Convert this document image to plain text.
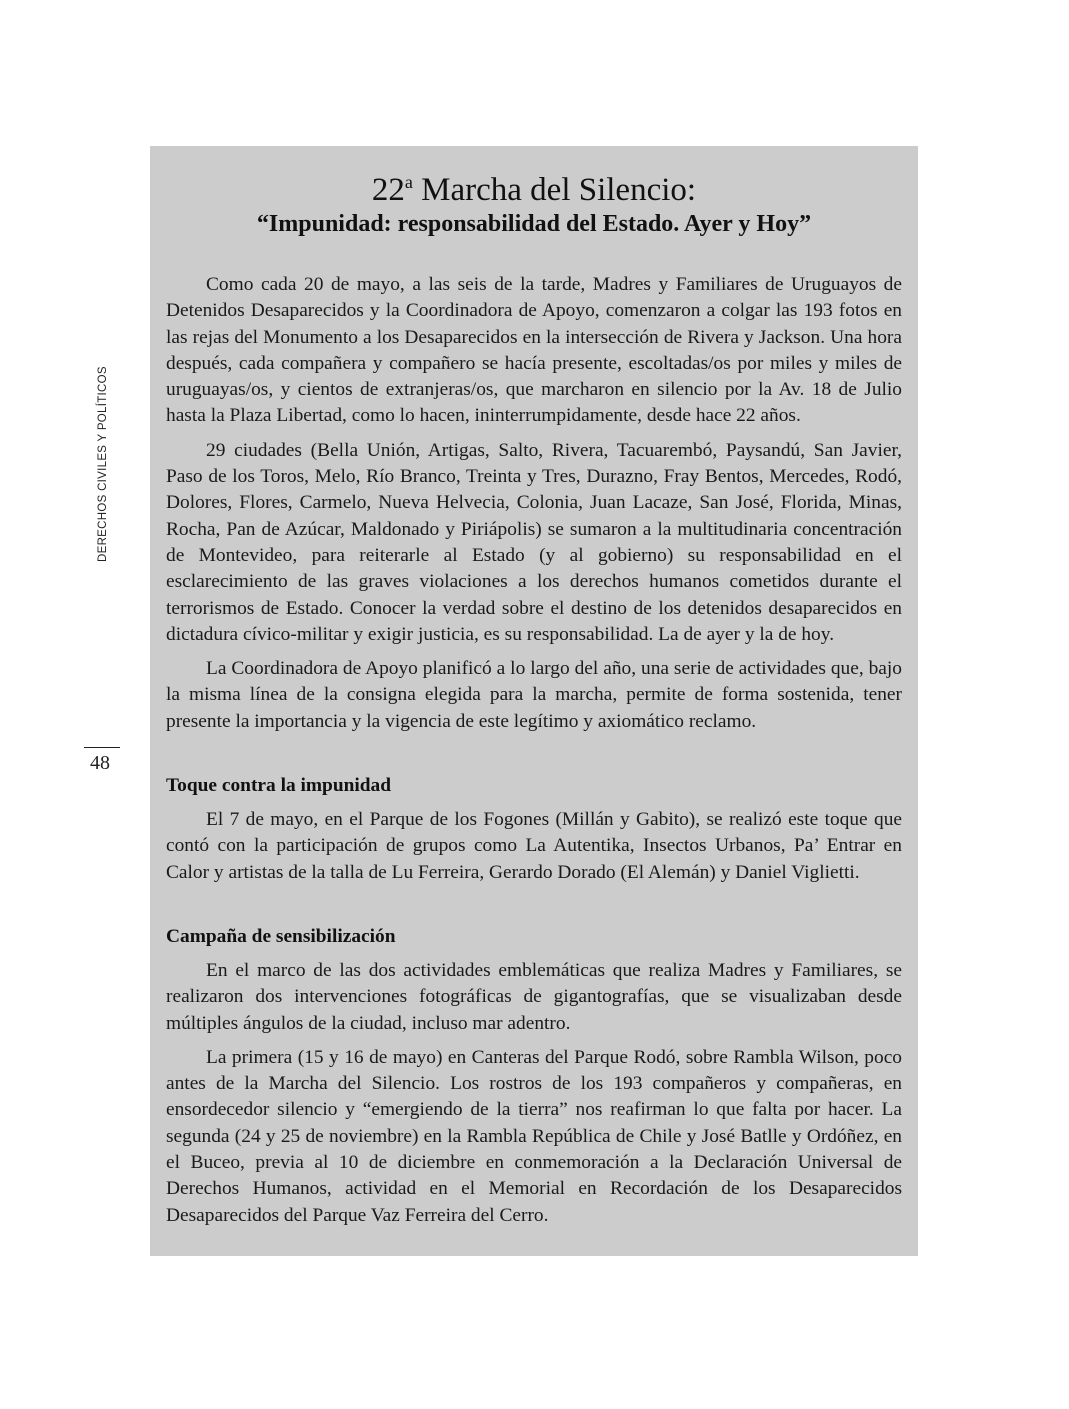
DERECHOS CIVILES Y POLÍTICOS
48
22$^a$ Marcha del Silencio:
“Impunidad: responsabilidad del Estado. Ayer y Hoy”

Como cada 20 de mayo, a las seis de la tarde, Madres y Familiares de Uruguayos de Detenidos Desaparecidos y la Coordinadora de Apoyo, comenzaron a colgar las 193 fotos en las rejas del Monumento a los Desaparecidos en la intersección de Rivera y Jackson. Una hora después, cada compañera y compañero se hacía presente, escoltadas/os por miles y miles de uruguayas/os, y cientos de extranjeras/os, que marcharon en silencio por la Av. 18 de Julio hasta la Plaza Libertad, como lo hacen, ininterrumpidamente, desde hace 22 años.

29 ciudades (Bella Unión, Artigas, Salto, Rivera, Tacuarembó, Paysandú, San Javier, Paso de los Toros, Melo, Río Branco, Treinta y Tres, Durazno, Fray Bentos, Mercedes, Rodó, Dolores, Flores, Carmelo, Nueva Helvecia, Colonia, Juan Lacaze, San José, Florida, Minas, Rocha, Pan de Azúcar, Maldonado y Piriápolis) se sumaron a la multitudinaria concentración de Montevideo, para reiterarle al Estado (y al gobierno) su responsabilidad en el esclarecimiento de las graves violaciones a los derechos humanos cometidos durante el terrorismos de Estado. Conocer la verdad sobre el destino de los detenidos desaparecidos en dictadura cívico-militar y exigir justicia, es su responsabilidad. La de ayer y la de hoy.

La Coordinadora de Apoyo planificó a lo largo del año, una serie de actividades que, bajo la misma línea de la consigna elegida para la marcha, permite de forma sostenida, tener presente la importancia y la vigencia de este legítimo y axiomático reclamo.

Toque contra la impunidad

El 7 de mayo, en el Parque de los Fogones (Millán y Gabito), se realizó este toque que contó con la participación de grupos como La Autentika, Insectos Urbanos, Pa’ Entrar en Calor y artistas de la talla de Lu Ferreira, Gerardo Dorado (El Alemán) y Daniel Viglietti.

Campaña de sensibilización

En el marco de las dos actividades emblemáticas que realiza Madres y Familiares, se realizaron dos intervenciones fotográficas de gigantografías, que se visualizaban desde múltiples ángulos de la ciudad, incluso mar adentro.

La primera (15 y 16 de mayo) en Canteras del Parque Rodó, sobre Rambla Wilson, poco antes de la Marcha del Silencio. Los rostros de los 193 compañeros y compañeras, en ensordecedor silencio y “emergiendo de la tierra” nos reafirman lo que falta por hacer. La segunda (24 y 25 de noviembre) en la Rambla República de Chile y José Batlle y Ordóñez, en el Buceo, previa al 10 de diciembre en conmemoración a la Declaración Universal de Derechos Humanos, actividad en el Memorial en Recordación de los Desaparecidos Desaparecidos del Parque Vaz Ferreira del Cerro.
